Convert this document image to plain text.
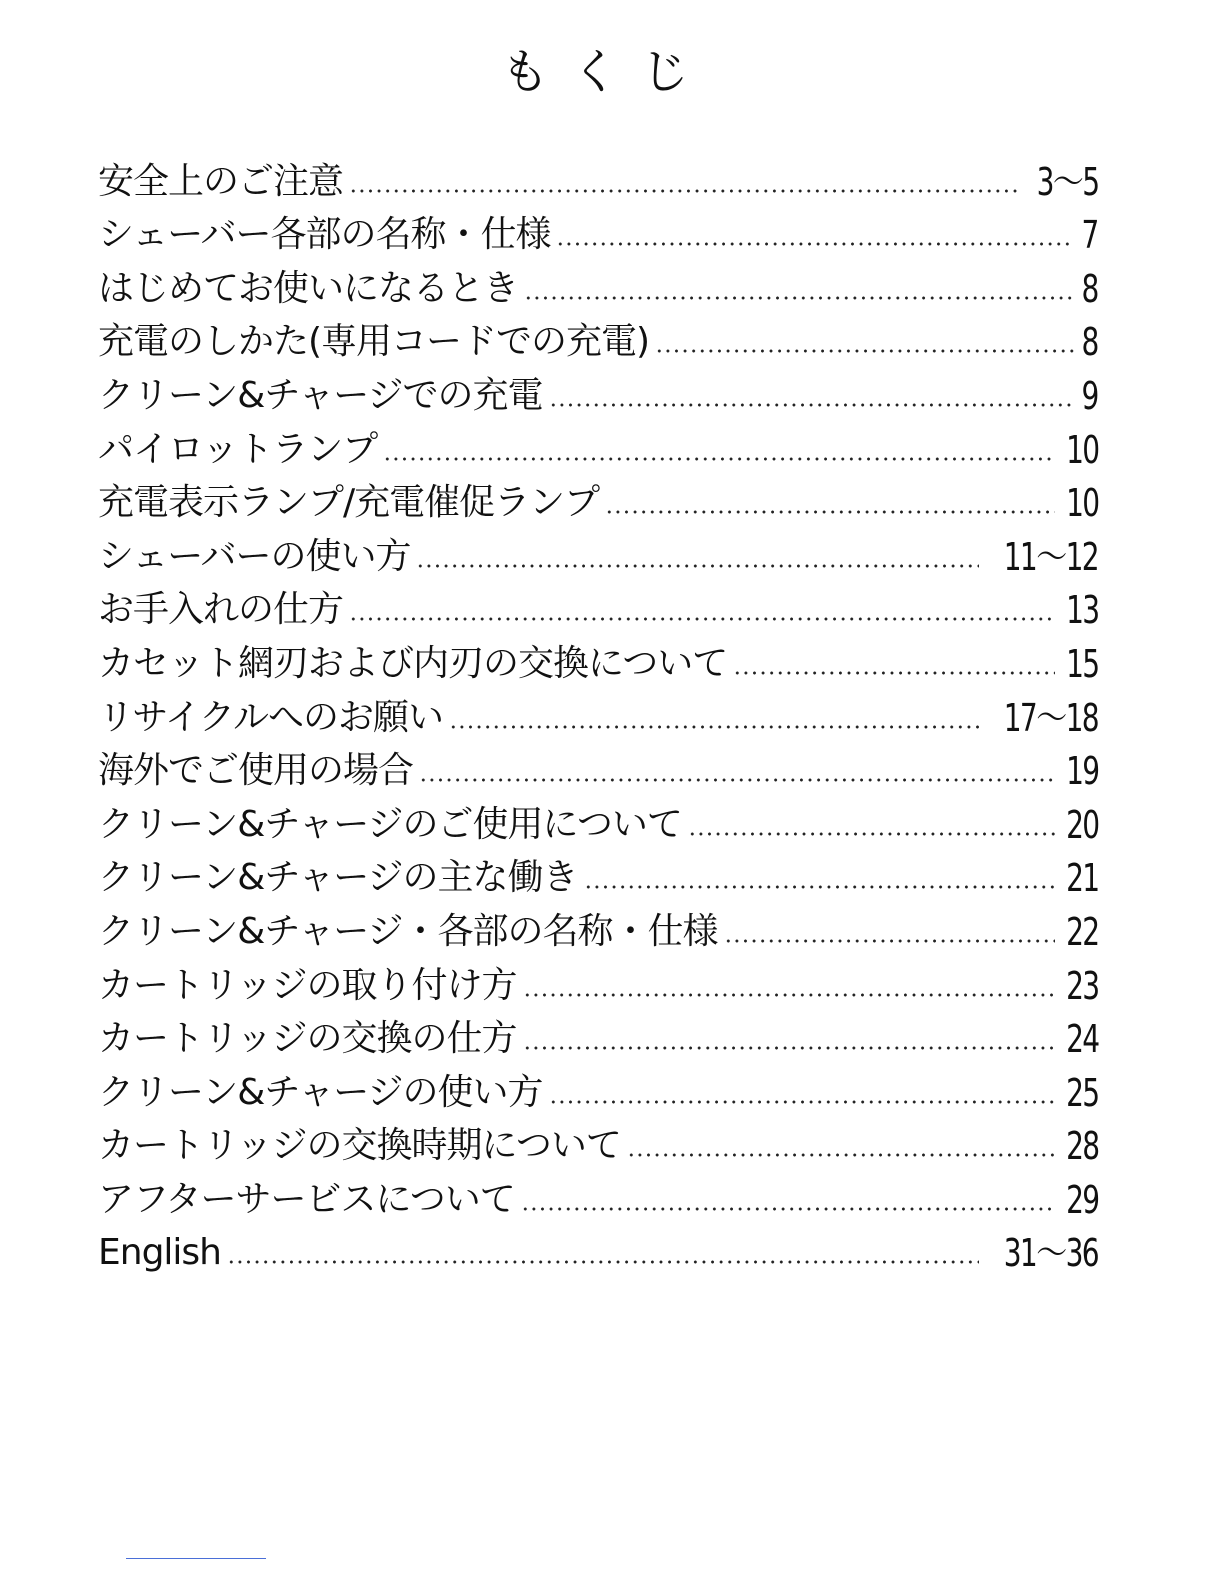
もくじ
安全上のご注意	3〜5
シェーバー各部の名称・仕様	7
はじめてお使いになるとき	8
充電のしかた(専用コードでの充電)	8
クリーン&チャージでの充電	9
パイロットランプ	10
充電表示ランプ/充電催促ランプ	10
シェーバーの使い方	11〜12
お手入れの仕方	13
カセット網刃および内刃の交換について	15
リサイクルへのお願い	17〜18
海外でご使用の場合	19
クリーン&チャージのご使用について	20
クリーン&チャージの主な働き	21
クリーン&チャージ・各部の名称・仕様	22
カートリッジの取り付け方	23
カートリッジの交換の仕方	24
クリーン&チャージの使い方	25
カートリッジの交換時期について	28
アフターサービスについて	29
English	31〜36
